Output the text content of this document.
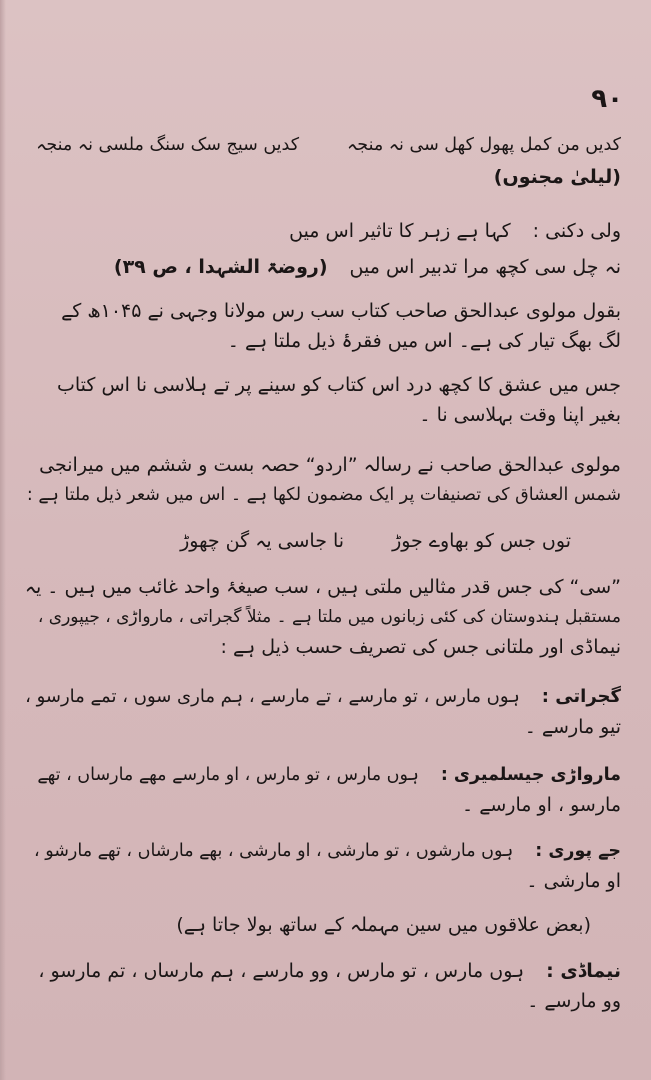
۹۰
کدیں من کمل پھول کھل سی نہ منجہکدیں سیج سک سنگ ملسی نہ منجہ
(لیلیٰ مجنوں)
ولی دکنی :کہا ہے زہر کا تاثیر اس میں
نہ چل سی کچھ مرا تدبیر اس میں(روضۃ الشہدا ، ص ۳۹)
بقول مولوی عبدالحق صاحب کتاب سب رس مولانا وجہی نے ۱۰۴۵ھ کے
لگ بھگ تیار کی ہے۔ اس میں فقرۂ ذیل ملتا ہے ۔
جس میں عشق کا کچھ درد اس کتاب کو سینے پر تے ہلاسی نا اس کتاب
بغیر اپنا وقت بہلاسی نا ۔
مولوی عبدالحق صاحب نے رسالہ ”اردو“ حصہ بست و ششم میں میرانجی
شمس العشاق کی تصنیفات پر ایک مضمون لکھا ہے ۔ اس میں شعر ذیل ملتا ہے :
توں جس کو بھاوے جوڑنا جاسی یہ گن چھوڑ
”سی“ کی جس قدر مثالیں ملتی ہیں ، سب صیغۂ واحد غائب میں ہیں ۔ یہ
مستقبل ہندوستان کی کئی زبانوں میں ملتا ہے ۔ مثلاً گجراتی ، مارواڑی ، جیپوری ،
نیماڈی اور ملتانی جس کی تصریف حسب ذیل ہے :
گجراتی :ہوں مارس ، تو مارسے ، تے مارسے ، ہم ماری سوں ، تمے مارسو ،
تیو مارسے ۔
مارواڑی جیسلمیری :ہوں مارس ، تو مارس ، او مارسے مھے مارساں ، تھے
مارسو ، او مارسے ۔
جے پوری :ہوں مارشوں ، تو مارشی ، او مارشی ، بھے مارشاں ، تھے مارشو ،
او مارشی ۔
(بعض علاقوں میں سین مہملہ کے ساتھ بولا جاتا ہے)
نیماڈی :ہوں مارس ، تو مارس ، وو مارسے ، ہم مارساں ، تم مارسو ،
وو مارسے ۔
